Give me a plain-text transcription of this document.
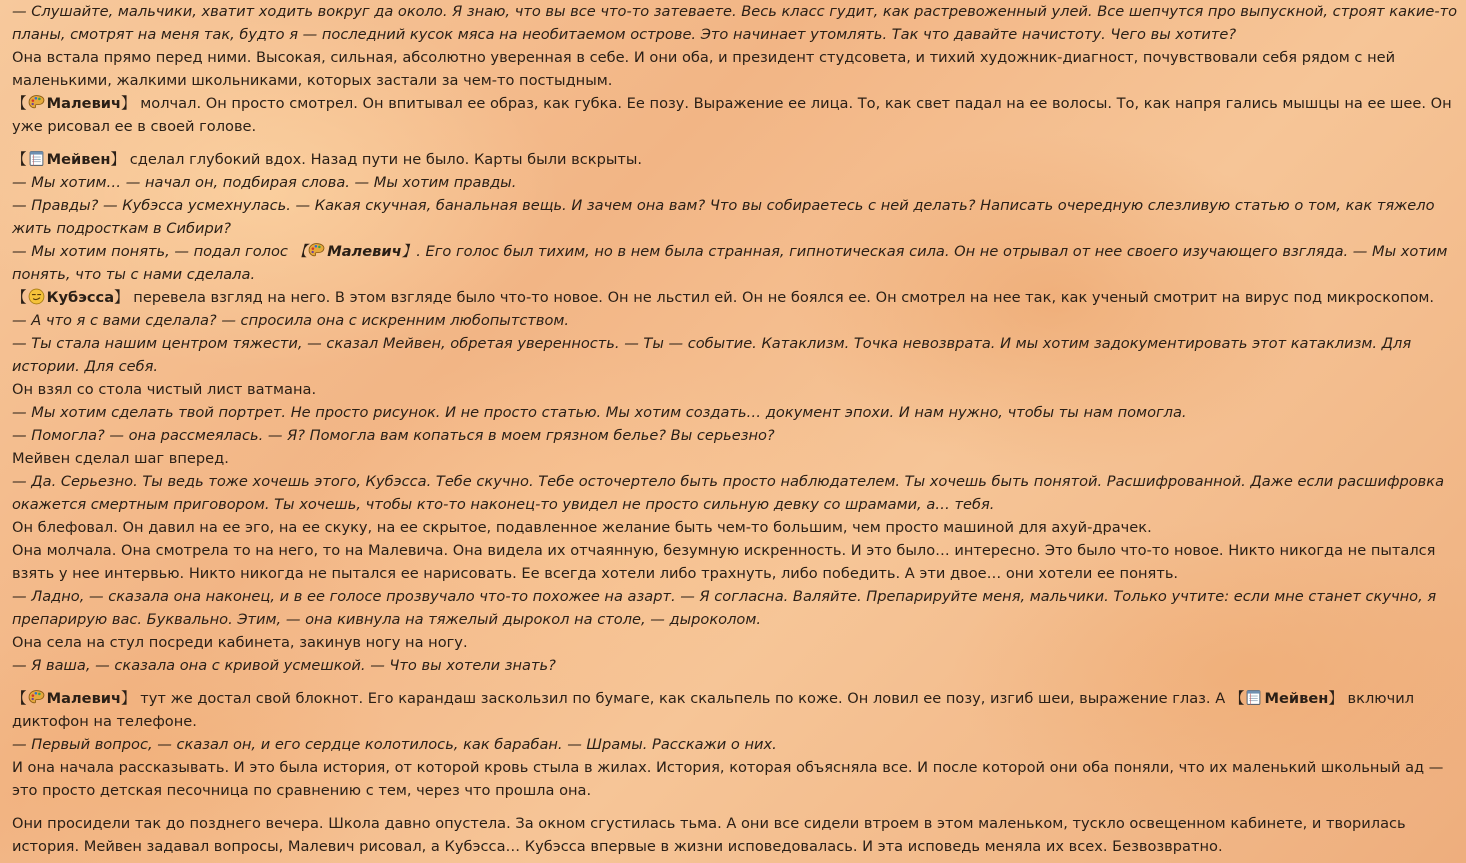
— Слушайте, мальчики, хватит ходить вокруг да около. Я знаю, что вы все что-то затеваете. Весь класс гудит, как растревоженный улей. Все шепчутся про выпускной, строят какие-то планы, смотрят на меня так, будто я — последний кусок мяса на необитаемом острове. Это начинает утомлять. Так что давайте начистоту. Чего вы хотите?

Она встала прямо перед ними. Высокая, сильная, абсолютно уверенная в себе. И они оба, и президент студсовета, и тихий художник-диагност, почувствовали себя рядом с ней маленькими, жалкими школьниками, которых застали за чем-то постыдным.

【 Малевич】 молчал. Он просто смотрел. Он впитывал ее образ, как губка. Ее позу. Выражение ее лица. То, как свет падал на ее волосы. То, как напря гались мышцы на ее шее. Он уже рисовал ее в своей голове.

【 Мейвен】 сделал глубокий вдох. Назад пути не было. Карты были вскрыты.

— Мы хотим… — начал он, подбирая слова. — Мы хотим правды.

— Правды? — Кубэсса усмехнулась. — Какая скучная, банальная вещь. И зачем она вам? Что вы собираетесь с ней делать? Написать очередную слезливую статью о том, как тяжело жить подросткам в Сибири?

— Мы хотим понять, — подал голос 【 Малевич】. Его голос был тихим, но в нем была странная, гипнотическая сила. Он не отрывал от нее своего изучающего взгляда. — Мы хотим понять, что ты с нами сделала.

【 Кубэсса】 перевела взгляд на него. В этом взгляде было что-то новое. Он не льстил ей. Он не боялся ее. Он смотрел на нее так, как ученый смотрит на вирус под микроскопом.

— А что я с вами сделала? — спросила она с искренним любопытством.

— Ты стала нашим центром тяжести, — сказал Мейвен, обретая уверенность. — Ты — событие. Катаклизм. Точка невозврата. И мы хотим задокументировать этот катаклизм. Для истории. Для себя.

Он взял со стола чистый лист ватмана.

— Мы хотим сделать твой портрет. Не просто рисунок. И не просто статью. Мы хотим создать… документ эпохи. И нам нужно, чтобы ты нам помогла.

— Помогла? — она рассмеялась. — Я? Помогла вам копаться в моем грязном белье? Вы серьезно?

Мейвен сделал шаг вперед.

— Да. Серьезно. Ты ведь тоже хочешь этого, Кубэсса. Тебе скучно. Тебе осточертело быть просто наблюдателем. Ты хочешь быть понятой. Расшифрованной. Даже если расшифровка окажется смертным приговором. Ты хочешь, чтобы кто-то наконец-то увидел не просто сильную девку со шрамами, а… тебя.

Он блефовал. Он давил на ее эго, на ее скуку, на ее скрытое, подавленное желание быть чем-то большим, чем просто машиной для ахуй-драчек.

Она молчала. Она смотрела то на него, то на Малевича. Она видела их отчаянную, безумную искренность. И это было… интересно. Это было что-то новое. Никто никогда не пытался взять у нее интервью. Никто никогда не пытался ее нарисовать. Ее всегда хотели либо трахнуть, либо победить. А эти двое… они хотели ее понять.

— Ладно, — сказала она наконец, и в ее голосе прозвучало что-то похожее на азарт. — Я согласна. Валяйте. Препарируйте меня, мальчики. Только учтите: если мне станет скучно, я препарирую вас. Буквально. Этим, — она кивнула на тяжелый дырокол на столе, — дыроколом.

Она села на стул посреди кабинета, закинув ногу на ногу.

— Я ваша, — сказала она с кривой усмешкой. — Что вы хотели знать?

【 Малевич】 тут же достал свой блокнот. Его карандаш заскользил по бумаге, как скальпель по коже. Он ловил ее позу, изгиб шеи, выражение глаз. А 【 Мейвен】 включил диктофон на телефоне.

— Первый вопрос, — сказал он, и его сердце колотилось, как барабан. — Шрамы. Расскажи о них.

И она начала рассказывать. И это была история, от которой кровь стыла в жилах. История, которая объясняла все. И после которой они оба поняли, что их маленький школьный ад — это просто детская песочница по сравнению с тем, через что прошла она.

Они просидели так до позднего вечера. Школа давно опустела. За окном сгустилась тьма. А они все сидели втроем в этом маленьком, тускло освещенном кабинете, и творилась история. Мейвен задавал вопросы, Малевич рисовал, а Кубэсса… Кубэсса впервые в жизни исповедовалась. И эта исповедь меняла их всех. Безвозвратно.
